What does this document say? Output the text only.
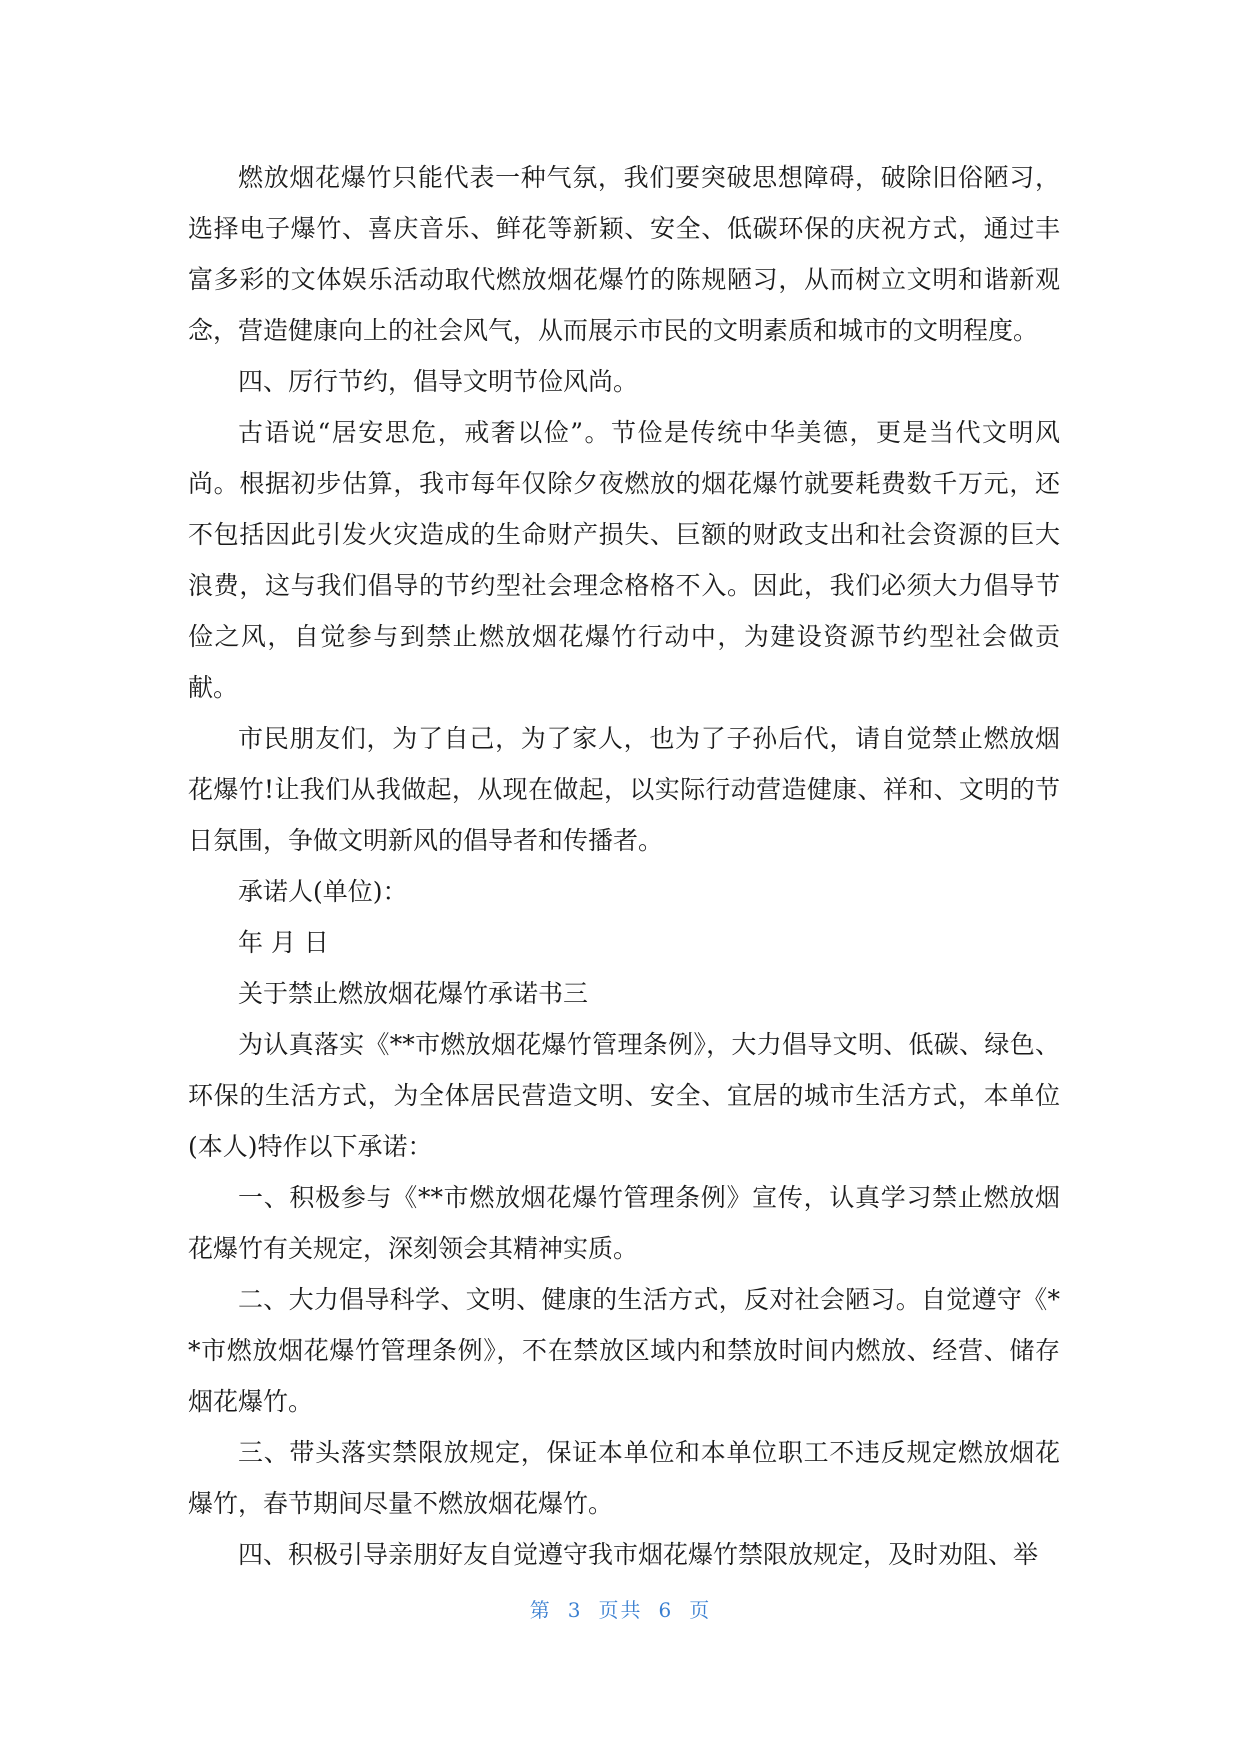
燃放烟花爆竹只能代表一种气氛，我们要突破思想障碍，破除旧俗陋习，选择电子爆竹、喜庆音乐、鲜花等新颖、安全、低碳环保的庆祝方式，通过丰富多彩的文体娱乐活动取代燃放烟花爆竹的陈规陋习，从而树立文明和谐新观念，营造健康向上的社会风气，从而展示市民的文明素质和城市的文明程度。

四、厉行节约，倡导文明节俭风尚。

古语说“居安思危，戒奢以俭”。节俭是传统中华美德，更是当代文明风尚。根据初步估算，我市每年仅除夕夜燃放的烟花爆竹就要耗费数千万元，还不包括因此引发火灾造成的生命财产损失、巨额的财政支出和社会资源的巨大浪费，这与我们倡导的节约型社会理念格格不入。因此，我们必须大力倡导节俭之风，自觉参与到禁止燃放烟花爆竹行动中，为建设资源节约型社会做贡献。

市民朋友们，为了自己，为了家人，也为了子孙后代，请自觉禁止燃放烟花爆竹!让我们从我做起，从现在做起，以实际行动营造健康、祥和、文明的节日氛围，争做文明新风的倡导者和传播者。

承诺人(单位)：

年 月 日

关于禁止燃放烟花爆竹承诺书三

为认真落实《**市燃放烟花爆竹管理条例》，大力倡导文明、低碳、绿色、环保的生活方式，为全体居民营造文明、安全、宜居的城市生活方式，本单位(本人)特作以下承诺：

一、积极参与《**市燃放烟花爆竹管理条例》宣传，认真学习禁止燃放烟花爆竹有关规定，深刻领会其精神实质。

二、大力倡导科学、文明、健康的生活方式，反对社会陋习。自觉遵守《**市燃放烟花爆竹管理条例》，不在禁放区域内和禁放时间内燃放、经营、储存烟花爆竹。

三、带头落实禁限放规定，保证本单位和本单位职工不违反规定燃放烟花爆竹，春节期间尽量不燃放烟花爆竹。

四、积极引导亲朋好友自觉遵守我市烟花爆竹禁限放规定，及时劝阻、举

第 3 页共 6 页
